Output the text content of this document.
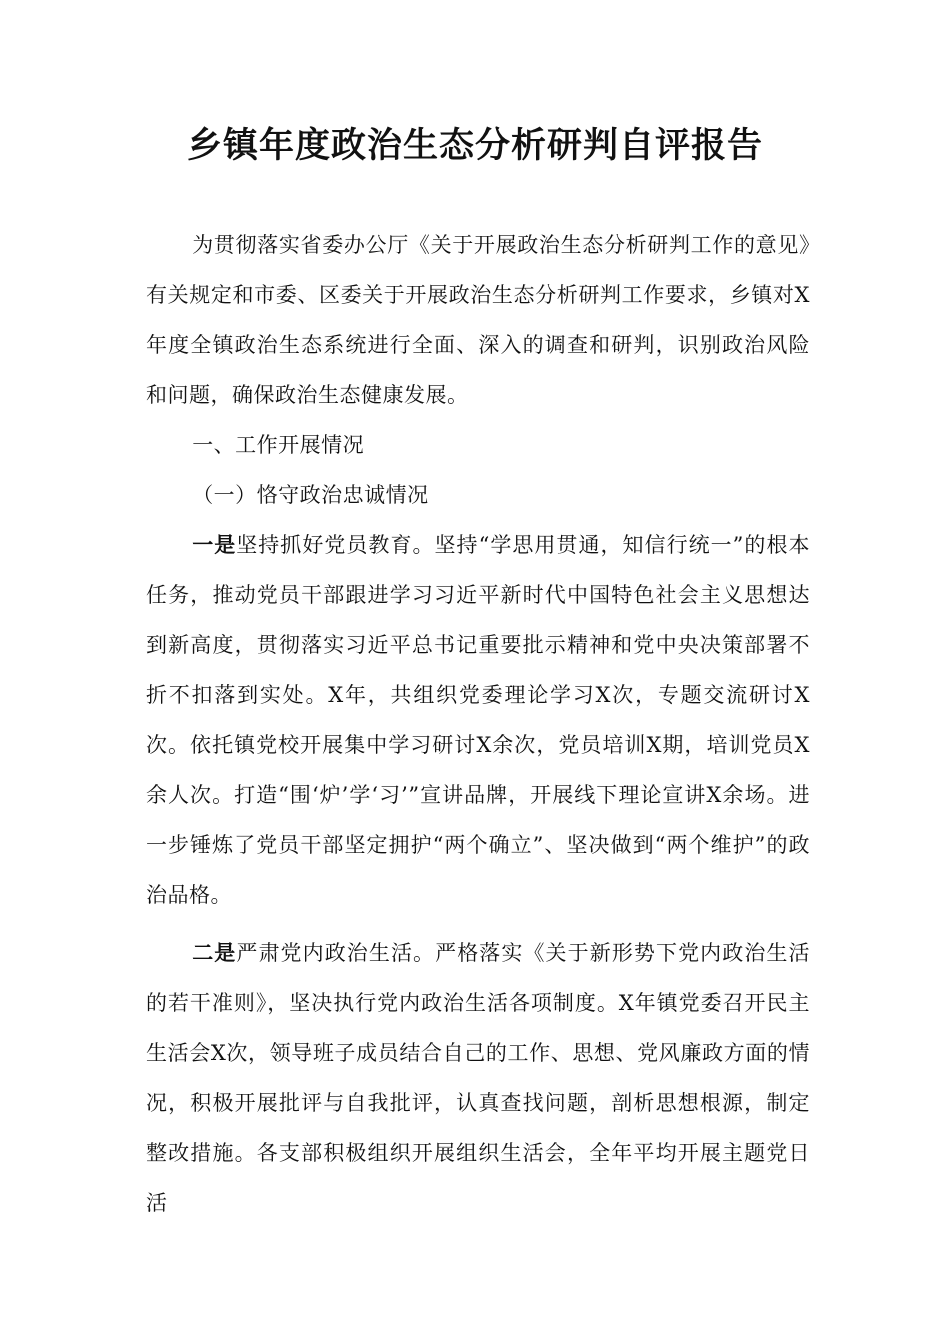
乡镇年度政治生态分析研判自评报告

为贯彻落实省委办公厅《关于开展政治生态分析研判工作的意见》有关规定和市委、区委关于开展政治生态分析研判工作要求，乡镇对X年度全镇政治生态系统进行全面、深入的调查和研判，识别政治风险和问题，确保政治生态健康发展。

一、工作开展情况

（一）恪守政治忠诚情况

一是坚持抓好党员教育。坚持“学思用贯通，知信行统一”的根本任务，推动党员干部跟进学习习近平新时代中国特色社会主义思想达到新高度，贯彻落实习近平总书记重要批示精神和党中央决策部署不折不扣落到实处。X年，共组织党委理论学习X次，专题交流研讨X次。依托镇党校开展集中学习研讨X余次，党员培训X期，培训党员X余人次。打造“围‘炉’学‘习’”宣讲品牌，开展线下理论宣讲X余场。进一步锤炼了党员干部坚定拥护“两个确立”、坚决做到“两个维护”的政治品格。

二是严肃党内政治生活。严格落实《关于新形势下党内政治生活的若干准则》，坚决执行党内政治生活各项制度。X年镇党委召开民主生活会X次，领导班子成员结合自己的工作、思想、党风廉政方面的情况，积极开展批评与自我批评，认真查找问题，剖析思想根源，制定整改措施。各支部积极组织开展组织生活会，全年平均开展主题党日活
